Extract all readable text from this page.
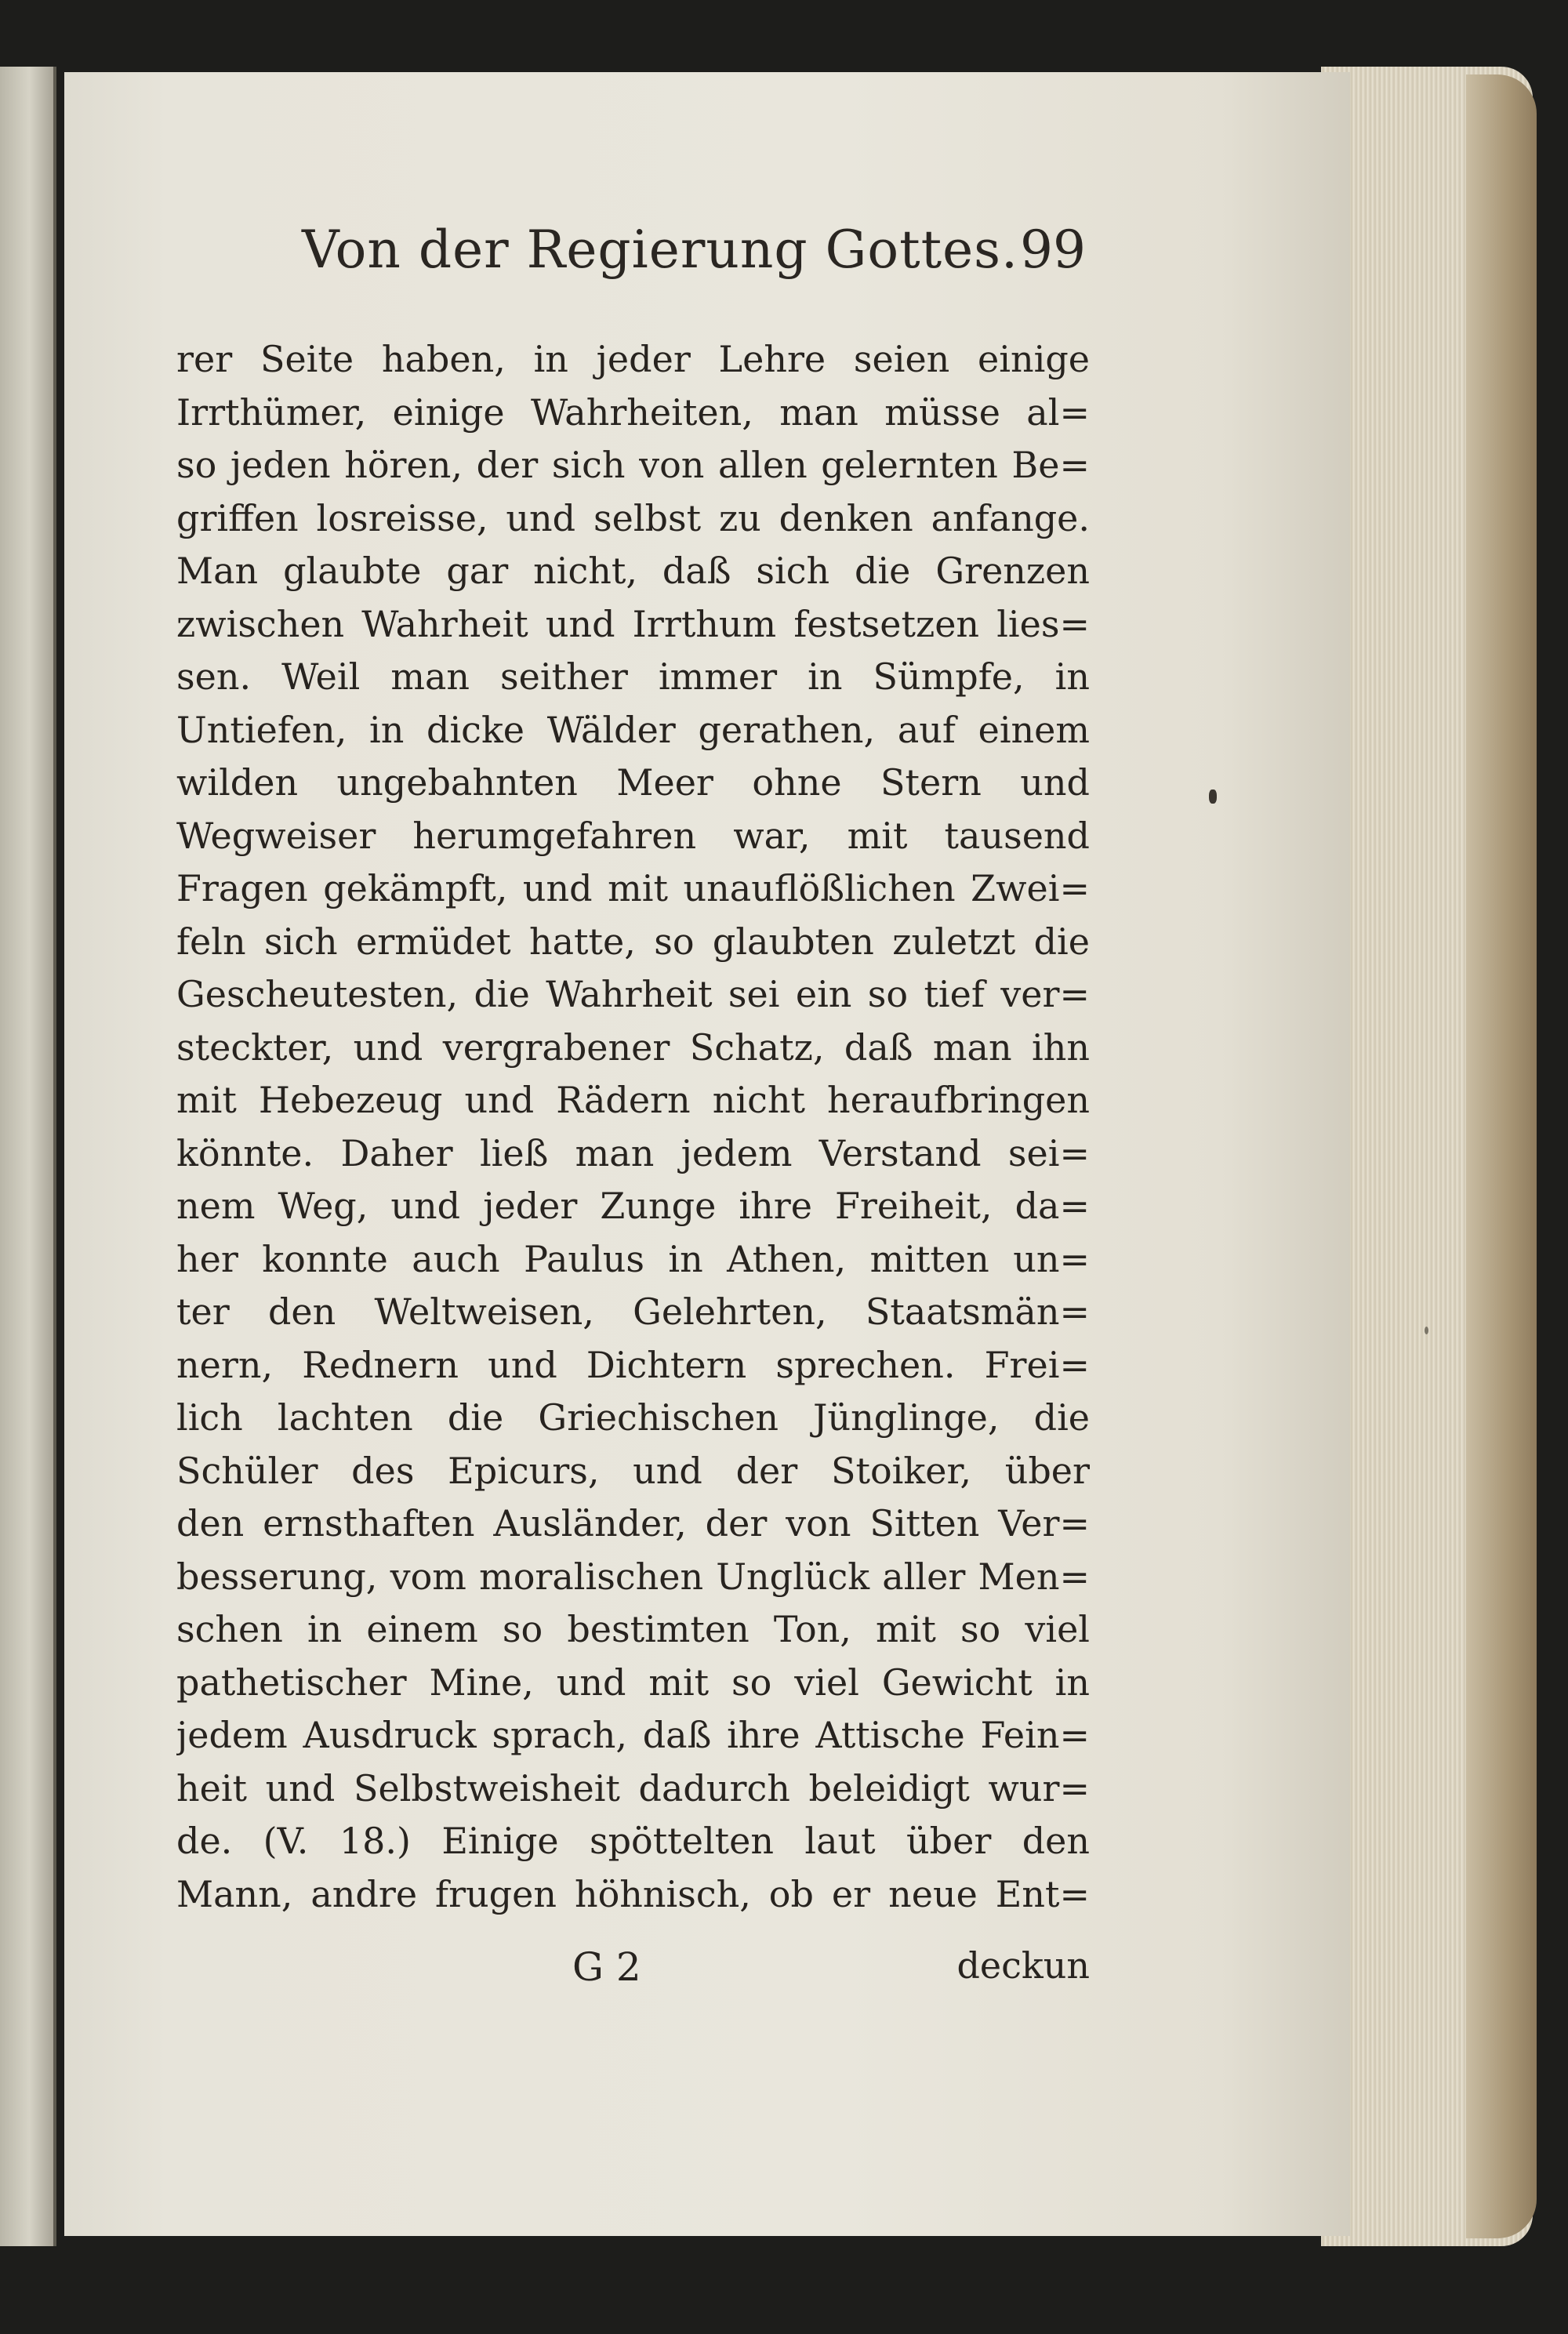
Von der Regierung Gottes. 99
rer Seite haben, in jeder Lehre seien einige
Irrthümer, einige Wahrheiten, man müsse al=
so jeden hören, der sich von allen gelernten Be=
griffen losreisse, und selbst zu denken anfange.
Man glaubte gar nicht, daß sich die Grenzen
zwischen Wahrheit und Irrthum festsetzen lies=
sen. Weil man seither immer in Sümpfe, in
Untiefen, in dicke Wälder gerathen, auf einem
wilden ungebahnten Meer ohne Stern und
Wegweiser herumgefahren war, mit tausend
Fragen gekämpft, und mit unauflößlichen Zwei=
feln sich ermüdet hatte, so glaubten zuletzt die
Gescheutesten, die Wahrheit sei ein so tief ver=
steckter, und vergrabener Schatz, daß man ihn
mit Hebezeug und Rädern nicht heraufbringen
könnte. Daher ließ man jedem Verstand sei=
nem Weg, und jeder Zunge ihre Freiheit, da=
her konnte auch Paulus in Athen, mitten un=
ter den Weltweisen, Gelehrten, Staatsmän=
nern, Rednern und Dichtern sprechen. Frei=
lich lachten die Griechischen Jünglinge, die
Schüler des Epicurs, und der Stoiker, über
den ernsthaften Ausländer, der von Sitten Ver=
besserung, vom moralischen Unglück aller Men=
schen in einem so bestimten Ton, mit so viel
pathetischer Mine, und mit so viel Gewicht in
jedem Ausdruck sprach, daß ihre Attische Fein=
heit und Selbstweisheit dadurch beleidigt wur=
de. (V. 18.) Einige spöttelten laut über den
Mann, andre frugen höhnisch, ob er neue Ent=
G 2	deckun
